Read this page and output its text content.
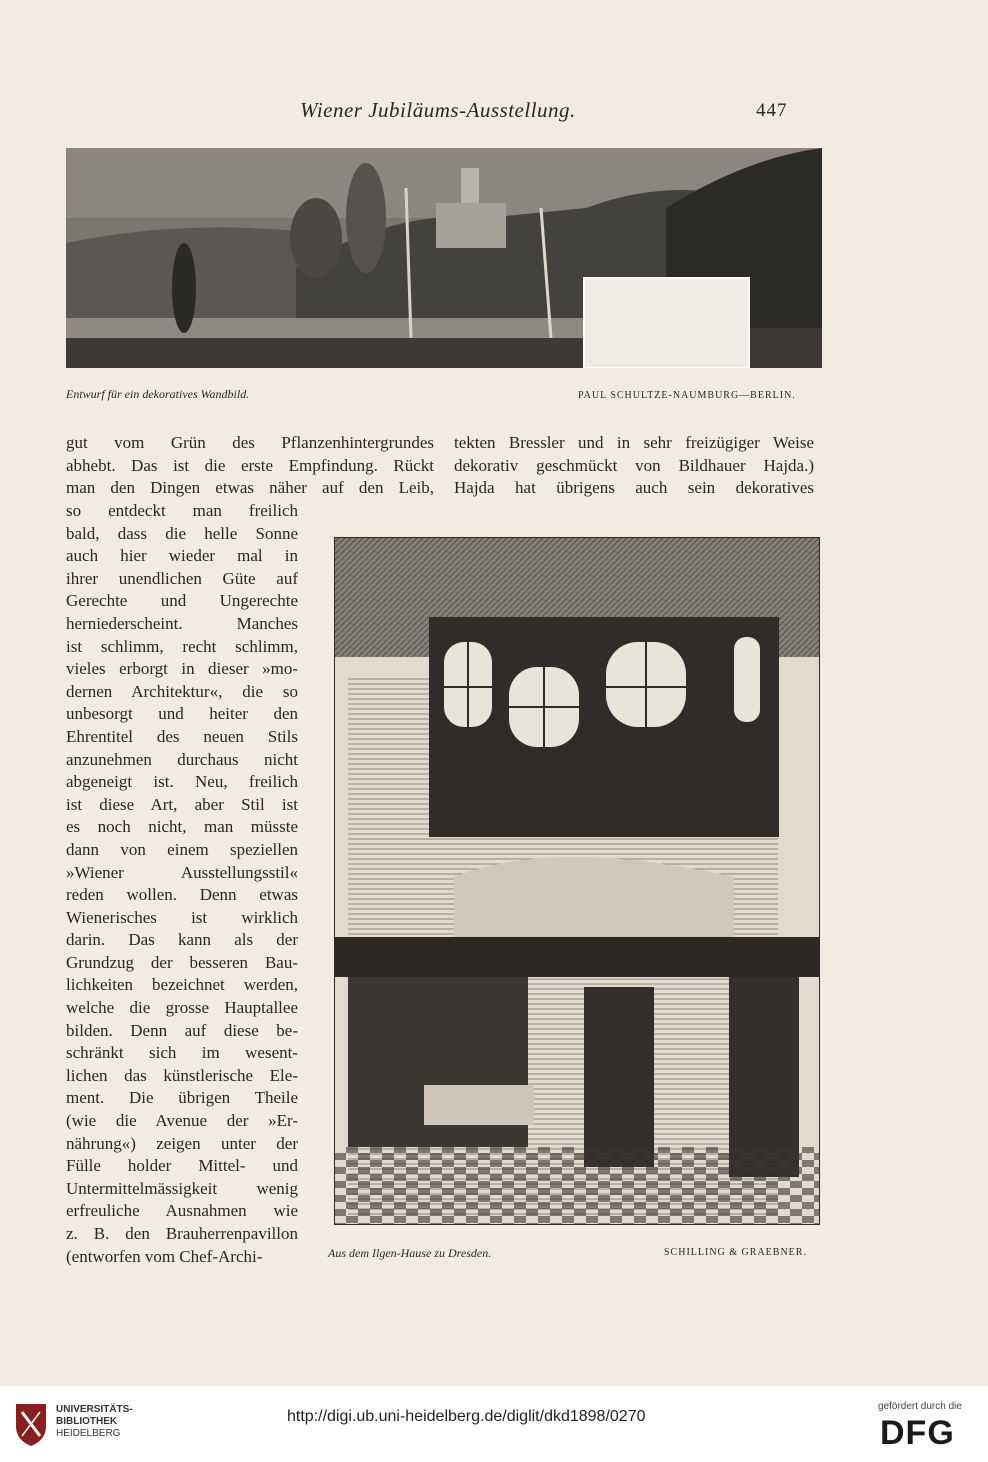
Wiener Jubiläums-Ausstellung.	447
Entwurf für ein dekoratives Wandbild.	PAUL SCHULTZE-NAUMBURG—BERLIN.
gut vom Grün des Pflanzenhintergrundes
abhebt. Das ist die erste Empfindung. Rückt
man den Dingen etwas näher auf den Leib,
so entdeckt man freilich
bald, dass die helle Sonne
auch hier wieder mal in
ihrer unendlichen Güte auf
Gerechte und Ungerechte
herniederscheint. Manches
ist schlimm, recht schlimm,
vieles erborgt in dieser »mo-
dernen Architektur«, die so
unbesorgt und heiter den
Ehrentitel des neuen Stils
anzunehmen durchaus nicht
abgeneigt ist. Neu, freilich
ist diese Art, aber Stil ist
es noch nicht, man müsste
dann von einem speziellen
»Wiener Ausstellungsstil«
reden wollen. Denn etwas
Wienerisches ist wirklich
darin. Das kann als der
Grundzug der besseren Bau-
lichkeiten bezeichnet werden,
welche die grosse Hauptallee
bilden. Denn auf diese be-
schränkt sich im wesent-
lichen das künstlerische Ele-
ment. Die übrigen Theile
(wie die Avenue der »Er-
nährung«) zeigen unter der
Fülle holder Mittel- und
Untermittelmässigkeit wenig
erfreuliche Ausnahmen wie
z. B. den Brauherrenpavillon
(entworfen vom Chef-Archi-
tekten Bressler und in sehr freizügiger Weise
dekorativ geschmückt von Bildhauer Hajda.)
Hajda hat übrigens auch sein dekoratives
Aus dem Ilgen-Hause zu Dresden.	SCHILLING & GRAEBNER.
UNIVERSITÄTS-
BIBLIOTHEK
HEIDELBERG
http://digi.ub.uni-heidelberg.de/diglit/dkd1898/0270
gefördert durch die
DFG
